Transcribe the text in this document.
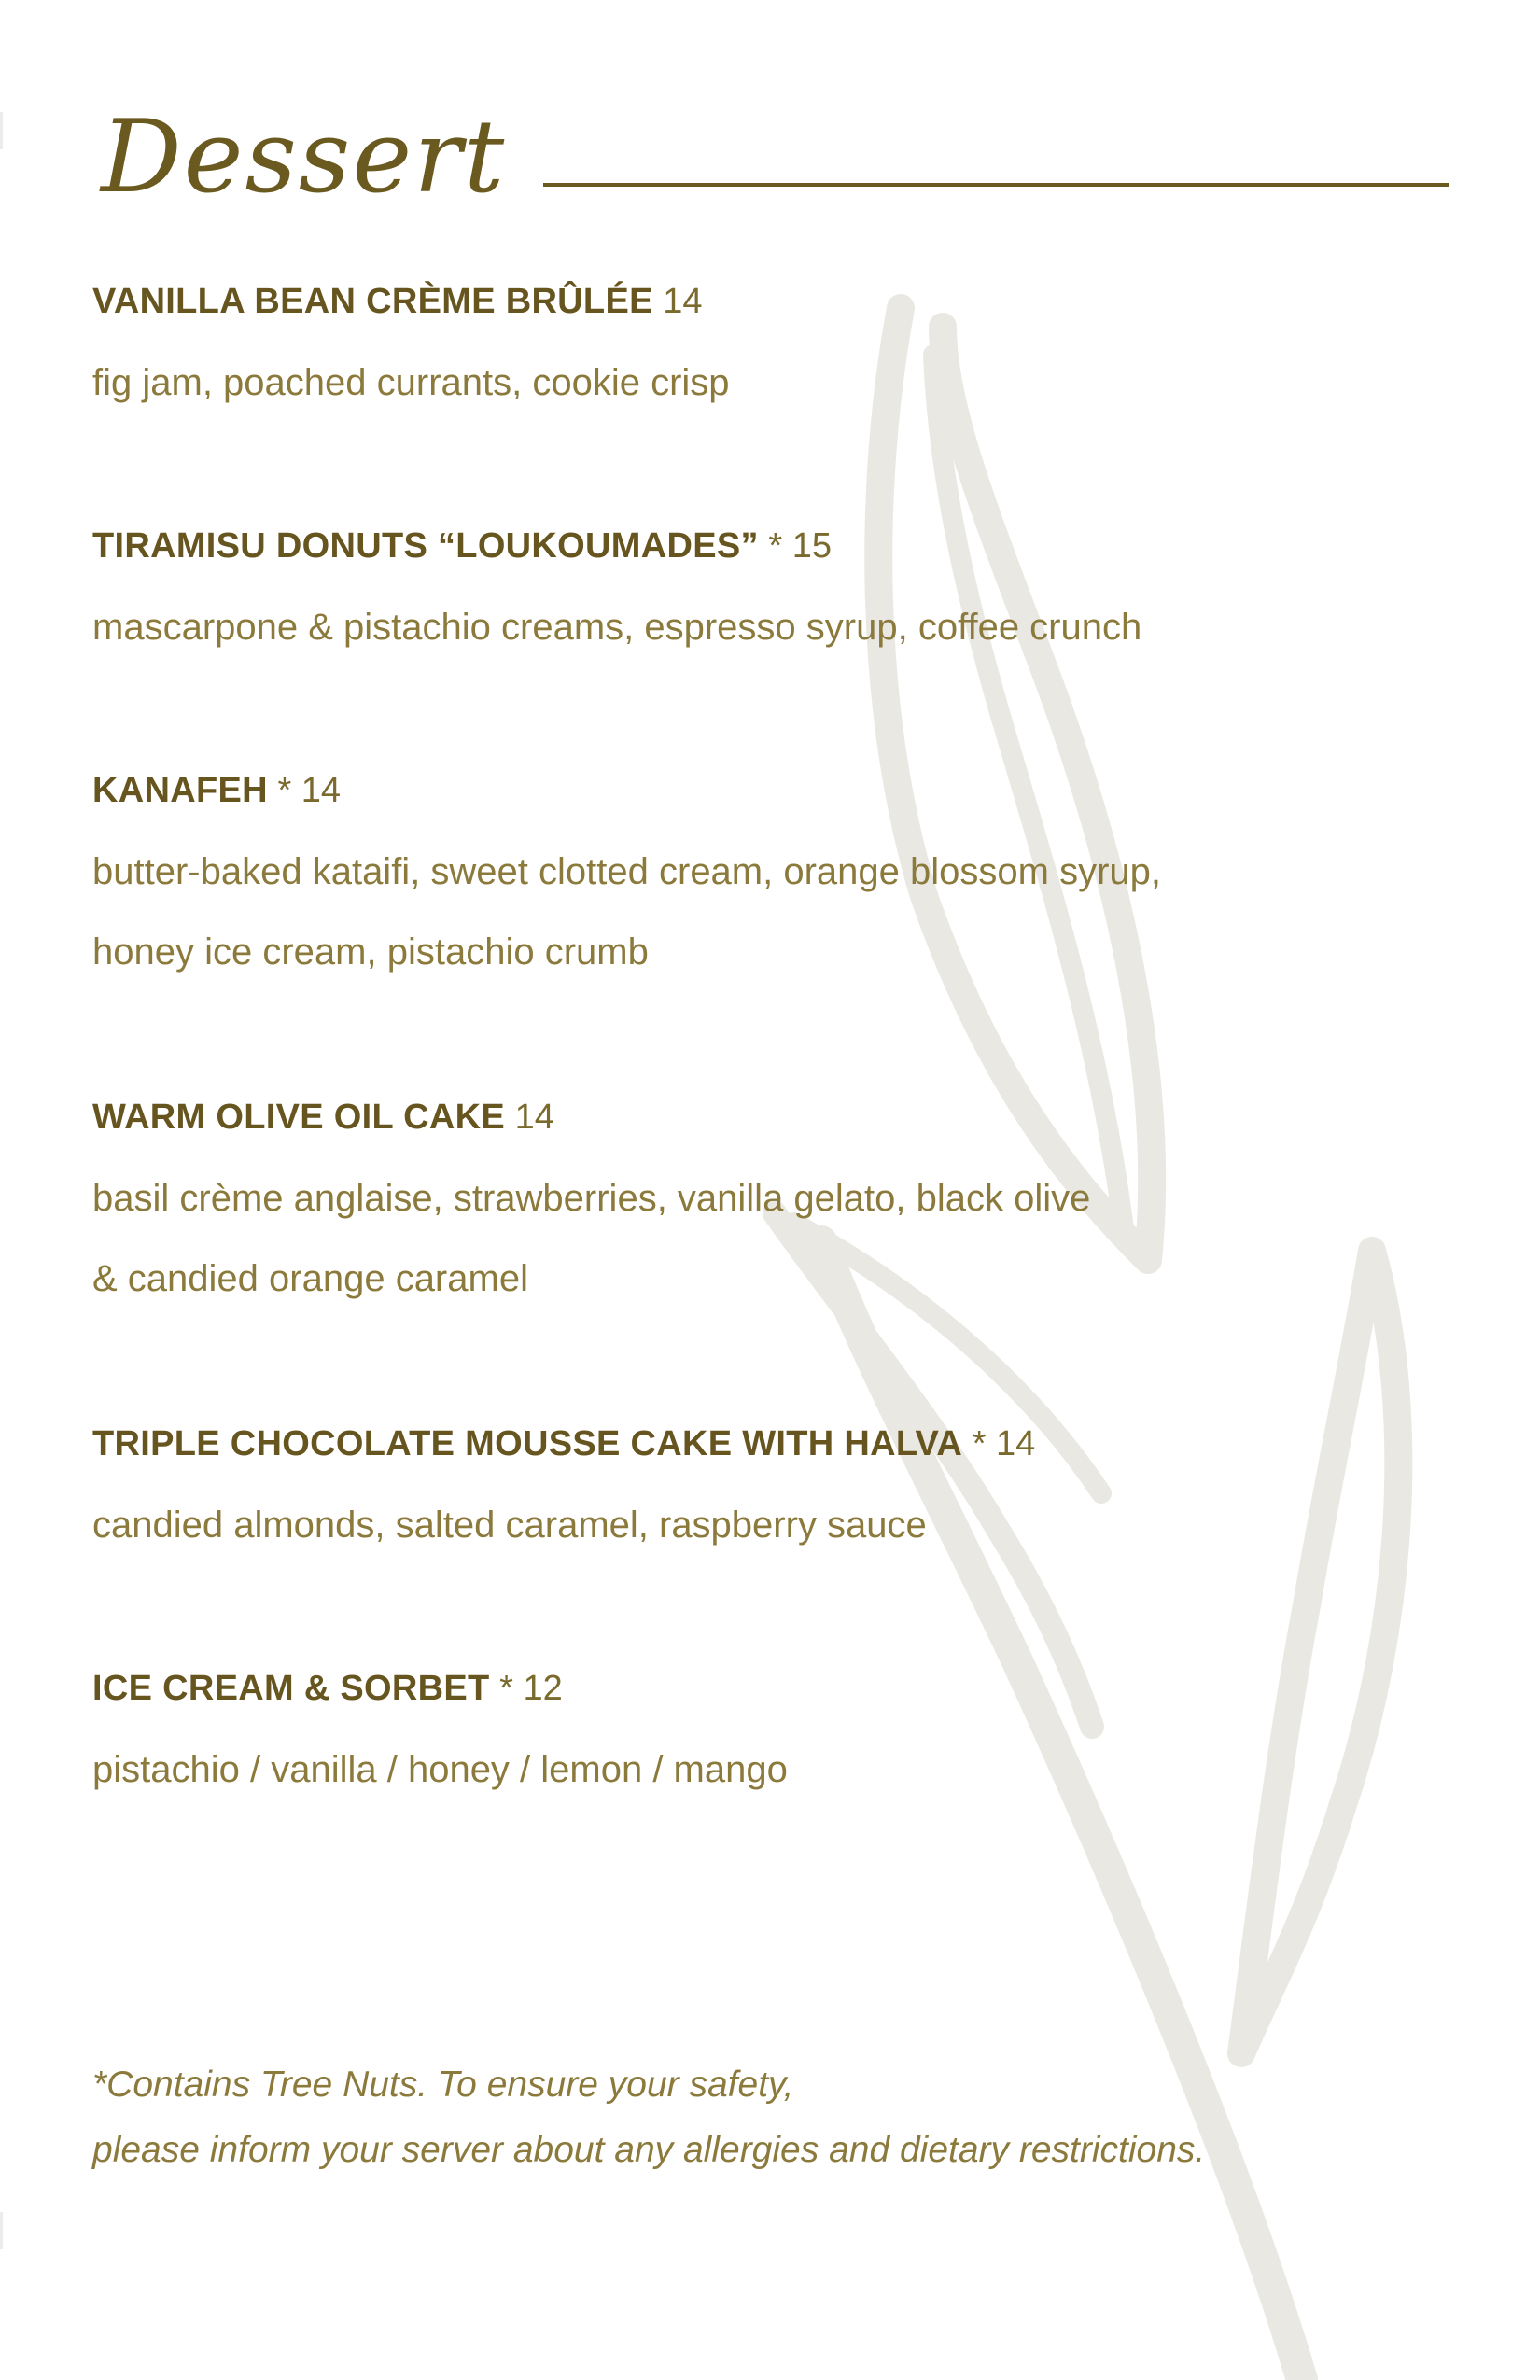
Dessert
VANILLA BEAN CRÈME BRÛLÉE 14
fig jam, poached currants, cookie crisp
TIRAMISU DONUTS “LOUKOUMADES” * 15
mascarpone & pistachio creams, espresso syrup, coffee crunch
KANAFEH * 14
butter-baked kataifi, sweet clotted cream, orange blossom syrup,
honey ice cream, pistachio crumb
WARM OLIVE OIL CAKE 14
basil crème anglaise, strawberries, vanilla gelato, black olive
& candied orange caramel
TRIPLE CHOCOLATE MOUSSE CAKE WITH HALVA * 14
candied almonds, salted caramel, raspberry sauce
ICE CREAM & SORBET * 12
pistachio / vanilla / honey / lemon / mango
*Contains Tree Nuts. To ensure your safety,
please inform your server about any allergies and dietary restrictions.
